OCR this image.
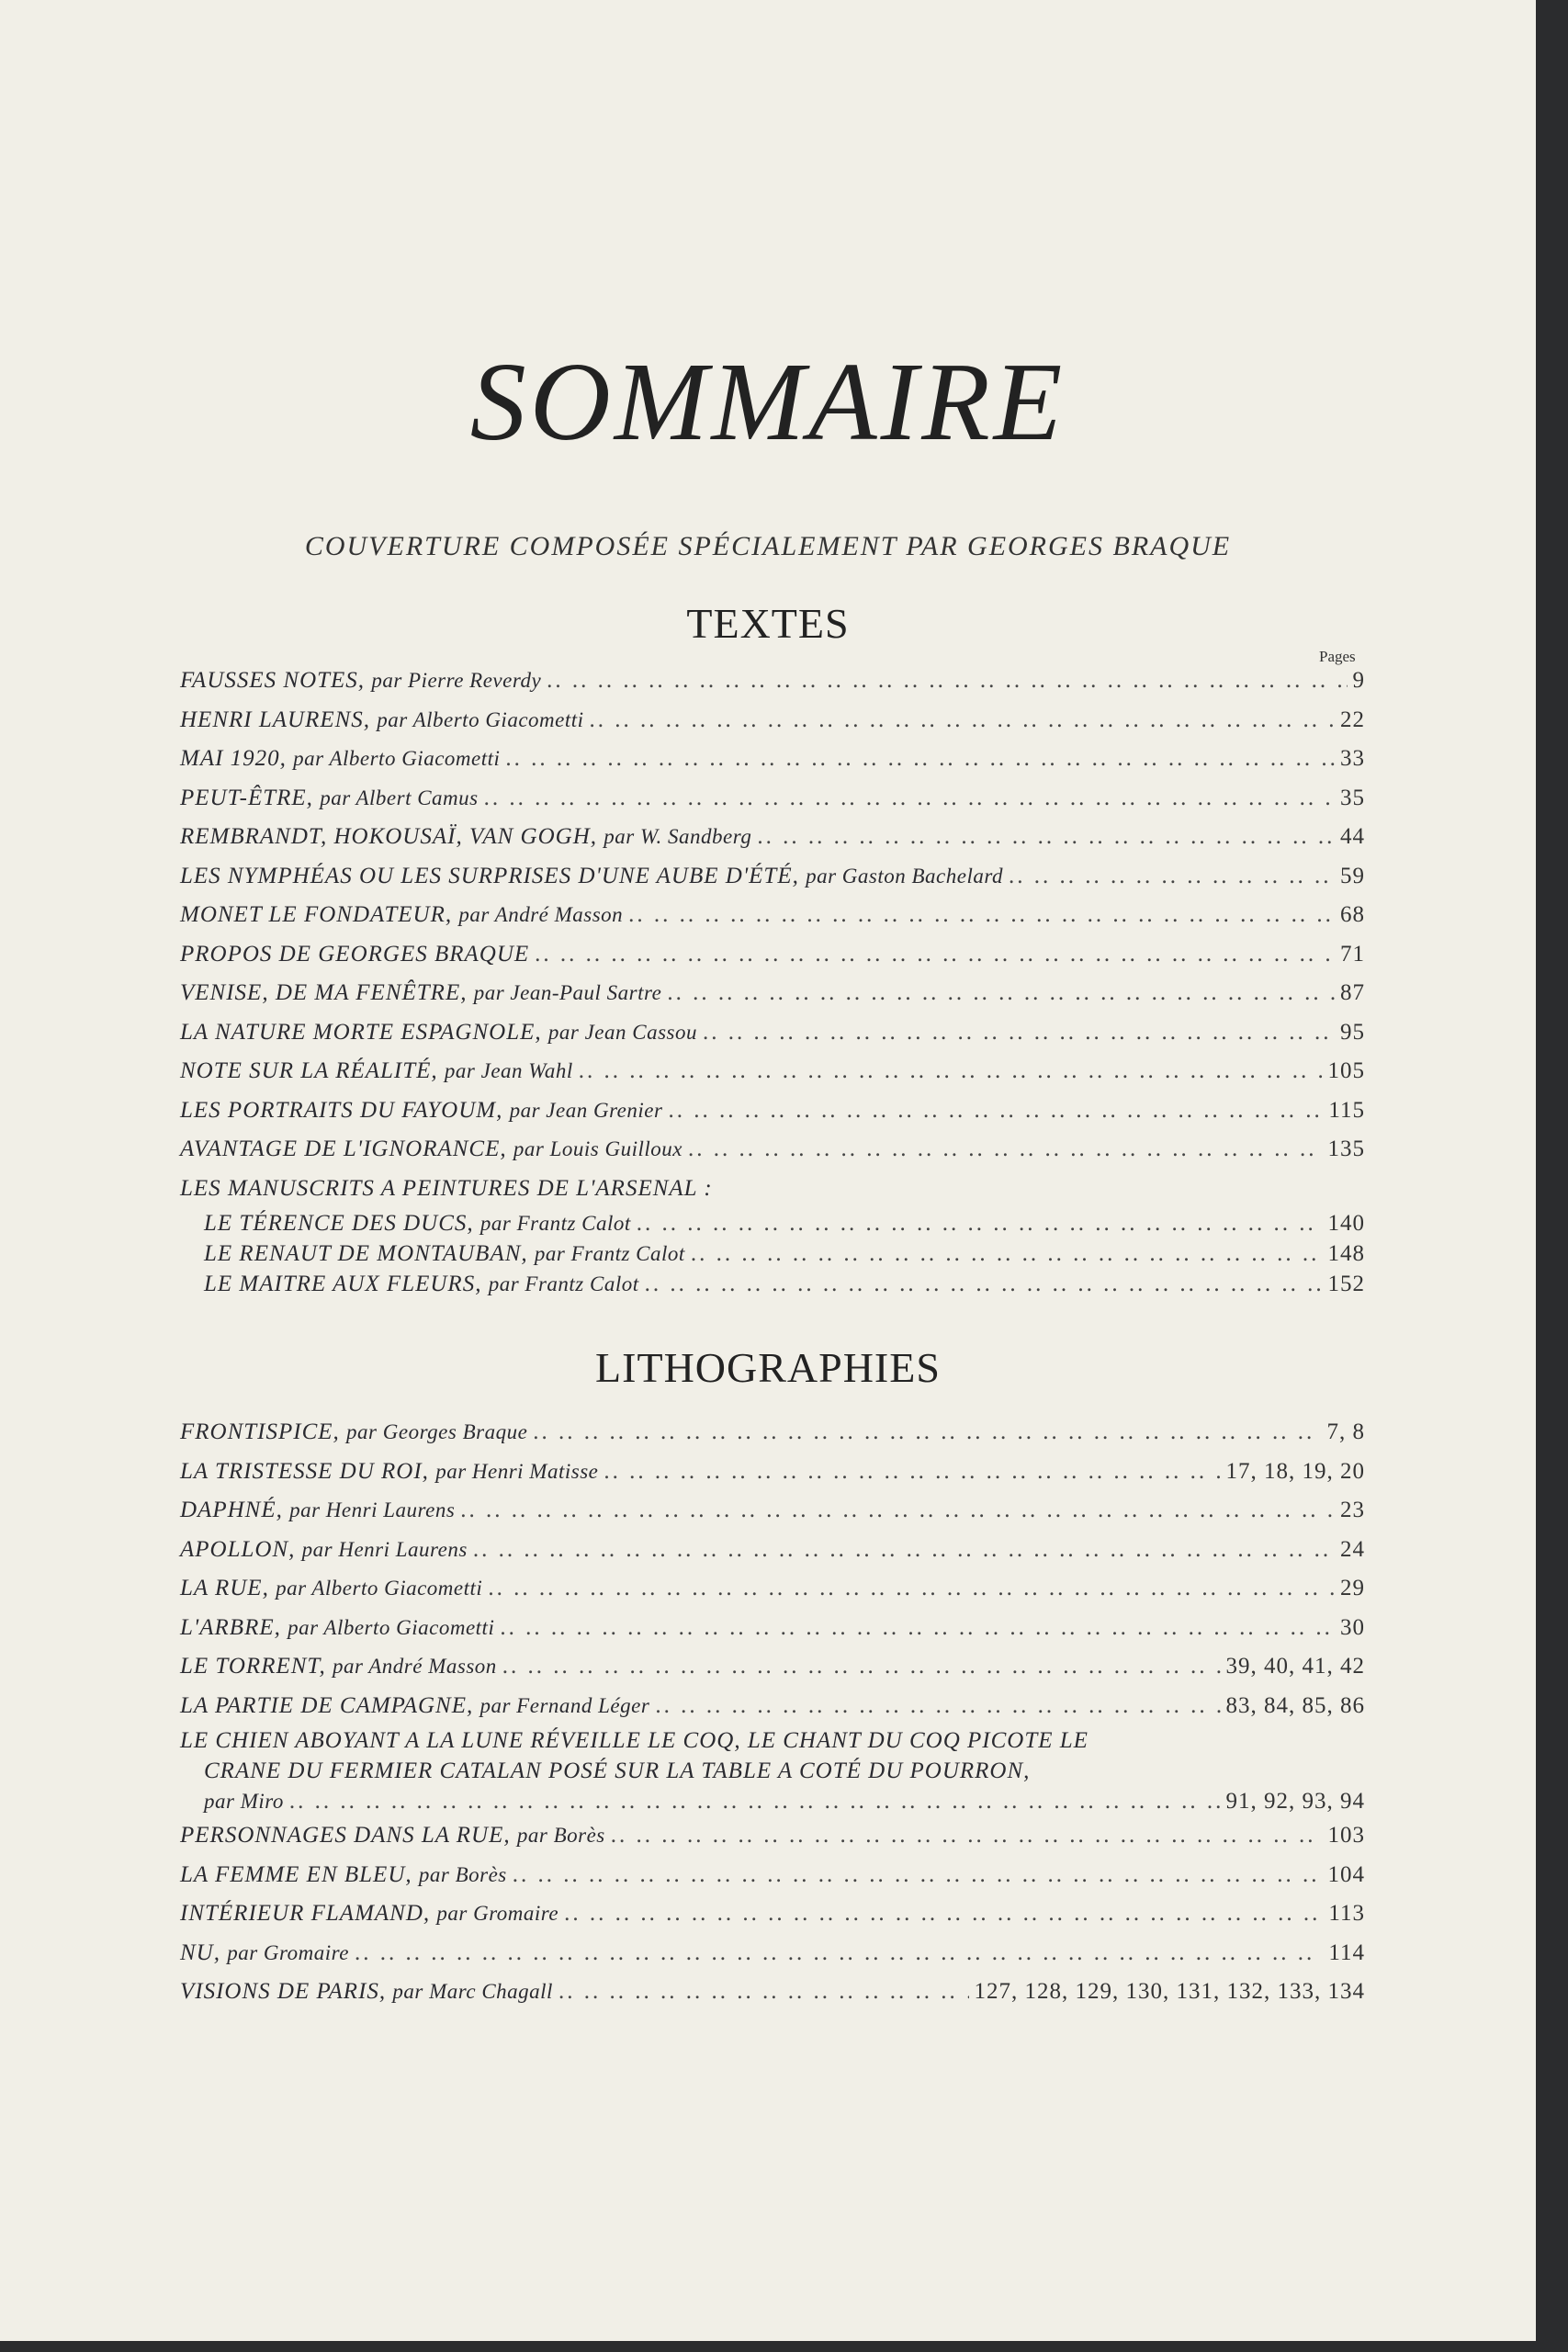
SOMMAIRE
COUVERTURE COMPOSÉE SPÉCIALEMENT PAR GEORGES BRAQUE
TEXTES
Pages
FAUSSES NOTES,
par Pierre Reverdy .. ..	9
HENRI LAURENS,
par Alberto Giacometti .. ..	22
MAI 1920,
par Alberto Giacometti .. ..	33
PEUT-ÊTRE,
par Albert Camus .. ..	35
REMBRANDT, HOKOUSAÏ, VAN GOGH,
par W. Sandberg .. ..	44
LES NYMPHÉAS OU LES SURPRISES D'UNE AUBE D'ÉTÉ,
par Gaston Bachelard .. ..	59
MONET LE FONDATEUR,
par André Masson .. ..	68
PROPOS DE GEORGES BRAQUE .. ..	71
VENISE, DE MA FENÊTRE,
par Jean-Paul Sartre .. ..	87
LA NATURE MORTE ESPAGNOLE,
par Jean Cassou .. ..	95
NOTE SUR LA RÉALITÉ,
par Jean Wahl .. ..	105
LES PORTRAITS DU FAYOUM,
par Jean Grenier .. ..	115
AVANTAGE DE L'IGNORANCE,
par Louis Guilloux .. ..	135
LES MANUSCRITS A PEINTURES DE L'ARSENAL :
LE TÉRENCE DES DUCS,
par Frantz Calot .. ..	140
LE RENAUT DE MONTAUBAN,
par Frantz Calot .. ..	148
LE MAITRE AUX FLEURS,
par Frantz Calot .. ..	152
LITHOGRAPHIES
FRONTISPICE,
par Georges Braque .. ..	7, 8
LA TRISTESSE DU ROI,
par Henri Matisse .. ..	17, 18, 19, 20
DAPHNÉ,
par Henri Laurens .. ..	23
APOLLON,
par Henri Laurens .. ..	24
LA RUE,
par Alberto Giacometti .. ..	29
L'ARBRE,
par Alberto Giacometti .. ..	30
LE TORRENT,
par André Masson .. ..	39, 40, 41, 42
LA PARTIE DE CAMPAGNE,
par Fernand Léger .. ..	83, 84, 85, 86
LE CHIEN ABOYANT A LA LUNE RÉVEILLE LE COQ, LE CHANT DU COQ PICOTE LE
CRANE DU FERMIER CATALAN POSÉ SUR LA TABLE A COTÉ DU POURRON,
par Miro .. ..	91, 92, 93, 94
PERSONNAGES DANS LA RUE,
par Borès .. ..	103
LA FEMME EN BLEU,
par Borès .. ..	104
INTÉRIEUR FLAMAND,
par Gromaire .. ..	113
NU,
par Gromaire .. ..	114
VISIONS DE PARIS,
par Marc Chagall .. ..	127, 128, 129, 130, 131, 132, 133, 134
